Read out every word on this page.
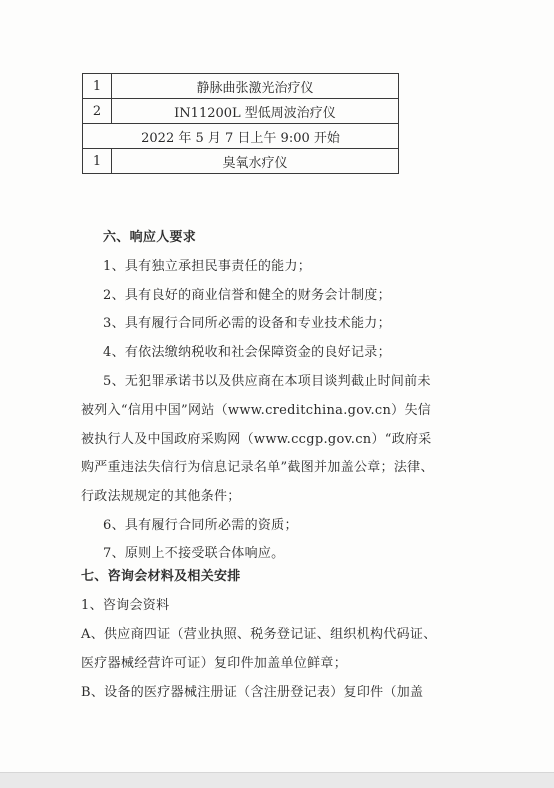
1	静脉曲张激光治疗仪
2	IN11200L 型低周波治疗仪
2022 年 5 月 7 日上午 9:00 开始	
1	臭氧水疗仪
六、响应人要求
1、具有独立承担民事责任的能力；
2、具有良好的商业信誉和健全的财务会计制度；
3、具有履行合同所必需的设备和专业技术能力；
4、有依法缴纳税收和社会保障资金的良好记录；
5、无犯罪承诺书以及供应商在本项目谈判截止时间前未
被列入“信用中国”网站（www.creditchina.gov.cn）失信
被执行人及中国政府采购网（www.ccgp.gov.cn）“政府采
购严重违法失信行为信息记录名单”截图并加盖公章；法律、
行政法规规定的其他条件；
6、具有履行合同所必需的资质；
7、原则上不接受联合体响应。
七、咨询会材料及相关安排
1、咨询会资料
A、供应商四证（营业执照、税务登记证、组织机构代码证、
医疗器械经营许可证）复印件加盖单位鲜章；
B、设备的医疗器械注册证（含注册登记表）复印件（加盖
